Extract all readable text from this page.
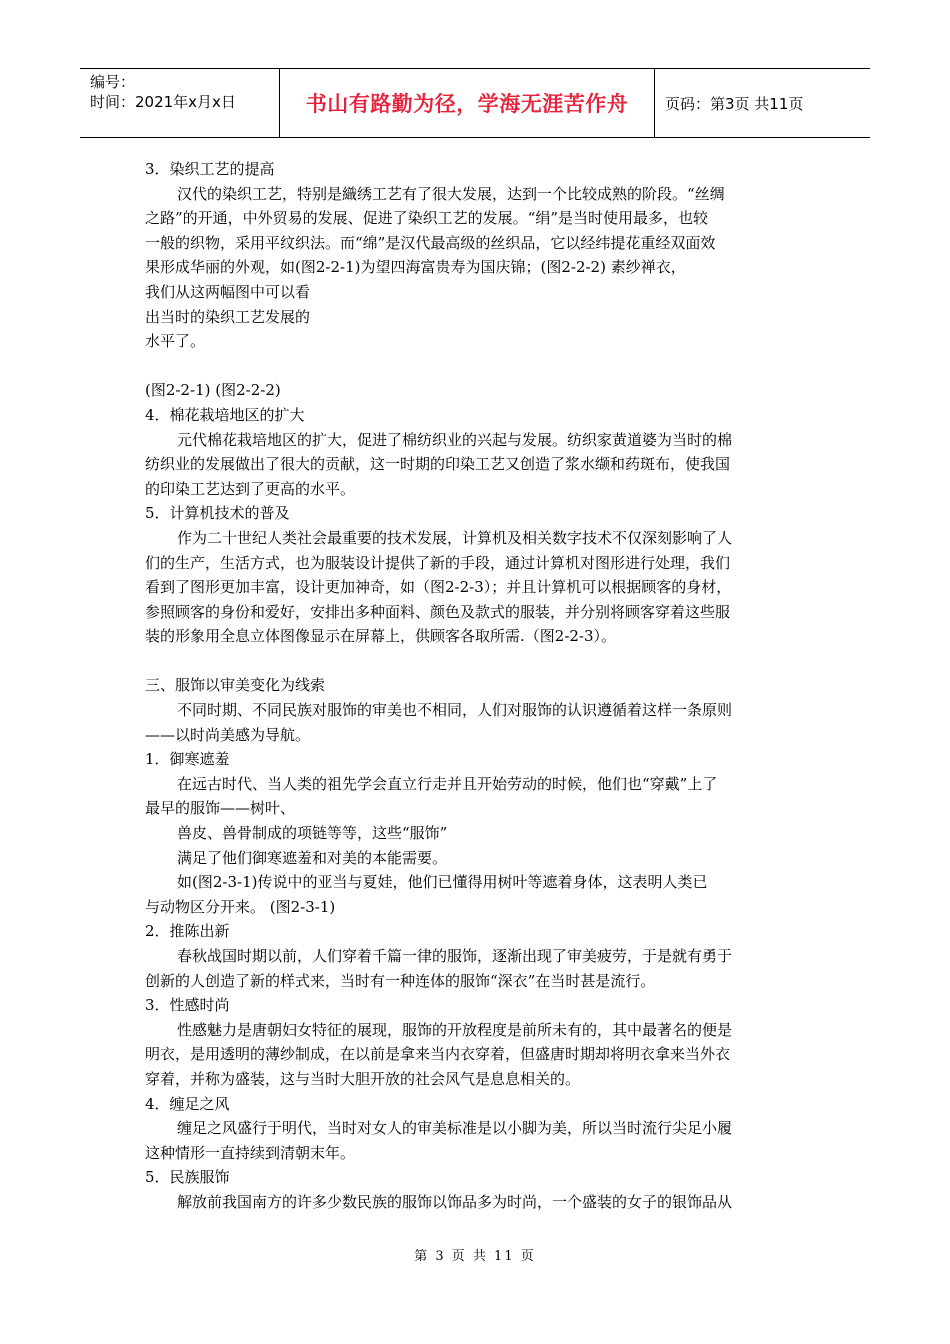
编号：
时间：2021年x月x日	书山有路勤为径，学海无涯苦作舟 页码：第3页 共11页
3．染织工艺的提高
汉代的染织工艺，特别是織绣工艺有了很大发展，达到一个比较成熟的阶段。“丝绸
之路”的开通，中外贸易的发展、促进了染织工艺的发展。“绢”是当时使用最多，也较
一般的织物，采用平纹织法。而“绵”是汉代最高级的丝织品，它以经纬提花重经双面效
果形成华丽的外观，如(图2-2-1)为望四海富贵寿为国庆锦；(图2-2-2) 素纱禅衣，
我们从这两幅图中可以看
出当时的染织工艺发展的
水平了。
(图2-2-1) (图2-2-2)
4．棉花栽培地区的扩大
元代棉花栽培地区的扩大，促进了棉纺织业的兴起与发展。纺织家黄道婆为当时的棉
纺织业的发展做出了很大的贡献，这一时期的印染工艺又创造了浆水缬和药斑布，使我国
的印染工艺达到了更高的水平。
5．计算机技术的普及
作为二十世纪人类社会最重要的技术发展，计算机及相关数字技术不仅深刻影响了人
们的生产，生活方式，也为服装设计提供了新的手段，通过计算机对图形进行处理，我们
看到了图形更加丰富，设计更加神奇，如（图2-2-3）；并且计算机可以根据顾客的身材，
参照顾客的身份和爱好，安排出多种面料、颜色及款式的服装，并分别将顾客穿着这些服
装的形象用全息立体图像显示在屏幕上，供顾客各取所需.（图2-2-3）。
三、服饰以审美变化为线索
不同时期、不同民族对服饰的审美也不相同，人们对服饰的认识遵循着这样一条原则
——以时尚美感为导航。
1．御寒遮羞
在远古时代、当人类的祖先学会直立行走并且开始劳动的时候，他们也“穿戴”上了
最早的服饰——树叶、
兽皮、兽骨制成的项链等等，这些“服饰”
满足了他们御寒遮羞和对美的本能需要。
如(图2-3-1)传说中的亚当与夏娃，他们已懂得用树叶等遮着身体，这表明人类已
与动物区分开来。 (图2-3-1)
2．推陈出新
春秋战国时期以前，人们穿着千篇一律的服饰，逐渐出现了审美疲劳，于是就有勇于
创新的人创造了新的样式来，当时有一种连体的服饰“深衣”在当时甚是流行。
3．性感时尚
性感魅力是唐朝妇女特征的展现，服饰的开放程度是前所未有的，其中最著名的便是
明衣，是用透明的薄纱制成，在以前是拿来当内衣穿着，但盛唐时期却将明衣拿来当外衣
穿着，并称为盛装，这与当时大胆开放的社会风气是息息相关的。
4．缠足之风
缠足之风盛行于明代，当时对女人的审美标准是以小脚为美，所以当时流行尖足小履
这种情形一直持续到清朝末年。
5．民族服饰
解放前我国南方的许多少数民族的服饰以饰品多为时尚，一个盛装的女子的银饰品从
第 3 页 共 11 页
